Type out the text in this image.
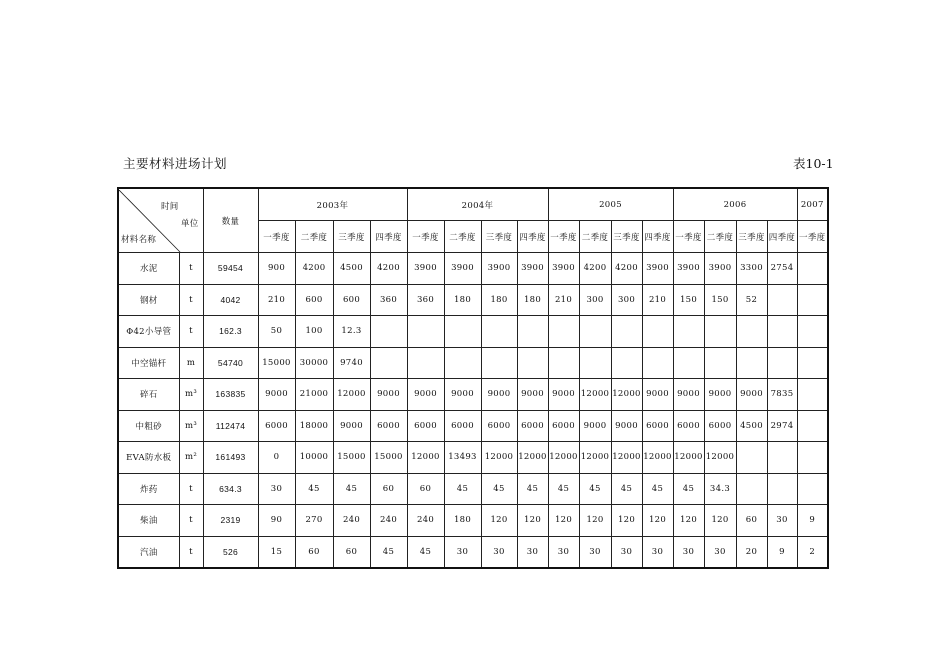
主要材料进场计划	表10-1
时间
单位
材料名称		数量	2003年				2004年				2005				2006				2007
			一季度	二季度	三季度	四季度	一季度	二季度	三季度	四季度	一季度	二季度	三季度	四季度	一季度	二季度	三季度	四季度	一季度
水泥	t	59454	900	4200	4500	4200	3900	3900	3900	3900	3900	4200	4200	3900	3900	3900	3300	2754	
钢材	t	4042	210	600	600	360	360	180	180	180	210	300	300	210	150	150	52		
Φ42小导管	t	162.3	50	100	12.3														
中空锚杆	m	54740	15000	30000	9740														
碎石	m³	163835	9000	21000	12000	9000	9000	9000	9000	9000	9000	12000	12000	9000	9000	9000	9000	7835	
中粗砂	m³	112474	6000	18000	9000	6000	6000	6000	6000	6000	6000	9000	9000	6000	6000	6000	4500	2974	
EVA防水板	m²	161493	0	10000	15000	15000	12000	13493	12000	12000	12000	12000	12000	12000	12000	12000			
炸药	t	634.3	30	45	45	60	60	45	45	45	45	45	45	45	45	34.3			
柴油	t	2319	90	270	240	240	240	180	120	120	120	120	120	120	120	120	60	30	9
汽油	t	526	15	60	60	45	45	30	30	30	30	30	30	30	30	30	20	9	2
